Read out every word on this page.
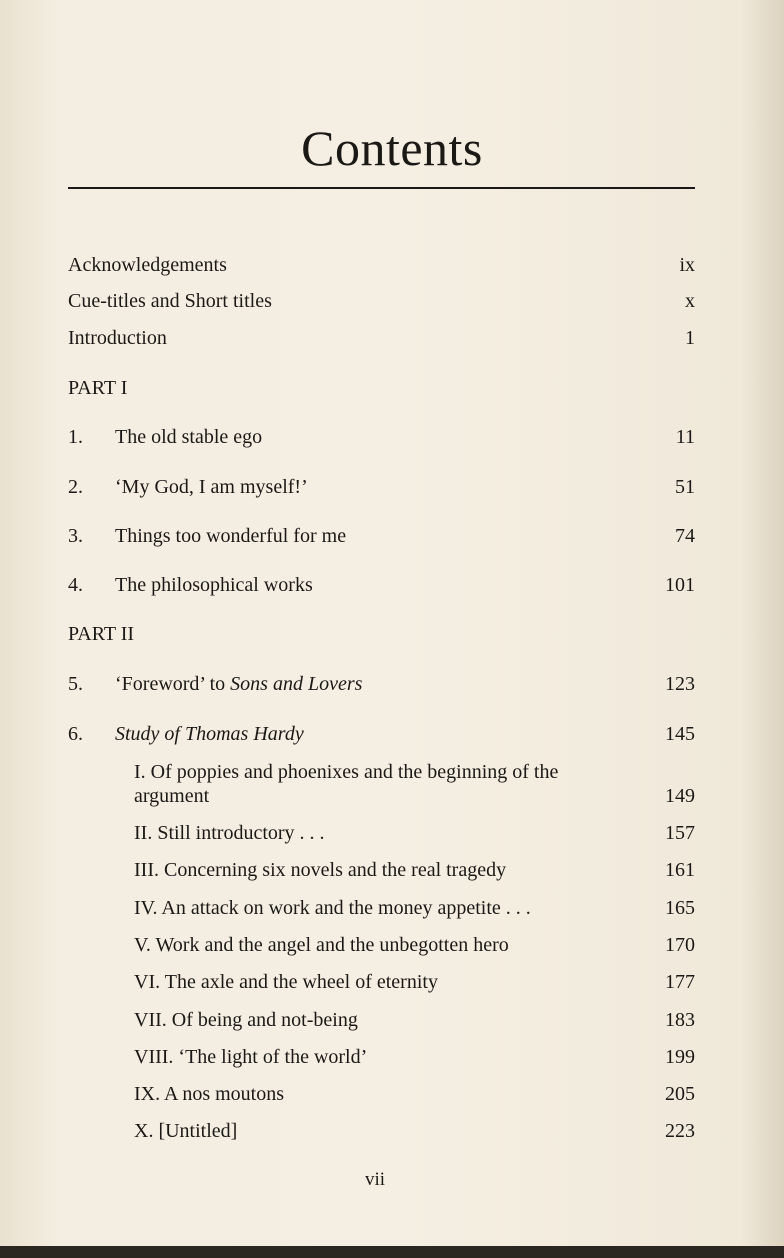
Contents
Acknowledgements	ix
Cue-titles and Short titles	x
Introduction	1
PART I
1. The old stable ego	11
2. ‘My God, I am myself!’	51
3. Things too wonderful for me	74
4. The philosophical works	101
PART II
5. ‘Foreword’ to Sons and Lovers	123
6. Study of Thomas Hardy	145
I. Of poppies and phoenixes and the beginning of the argument	149
II. Still introductory . . .	157
III. Concerning six novels and the real tragedy	161
IV. An attack on work and the money appetite . . .	165
V. Work and the angel and the unbegotten hero	170
VI. The axle and the wheel of eternity	177
VII. Of being and not-being	183
VIII. ‘The light of the world’	199
IX. A nos moutons	205
X. [Untitled]	223
vii
